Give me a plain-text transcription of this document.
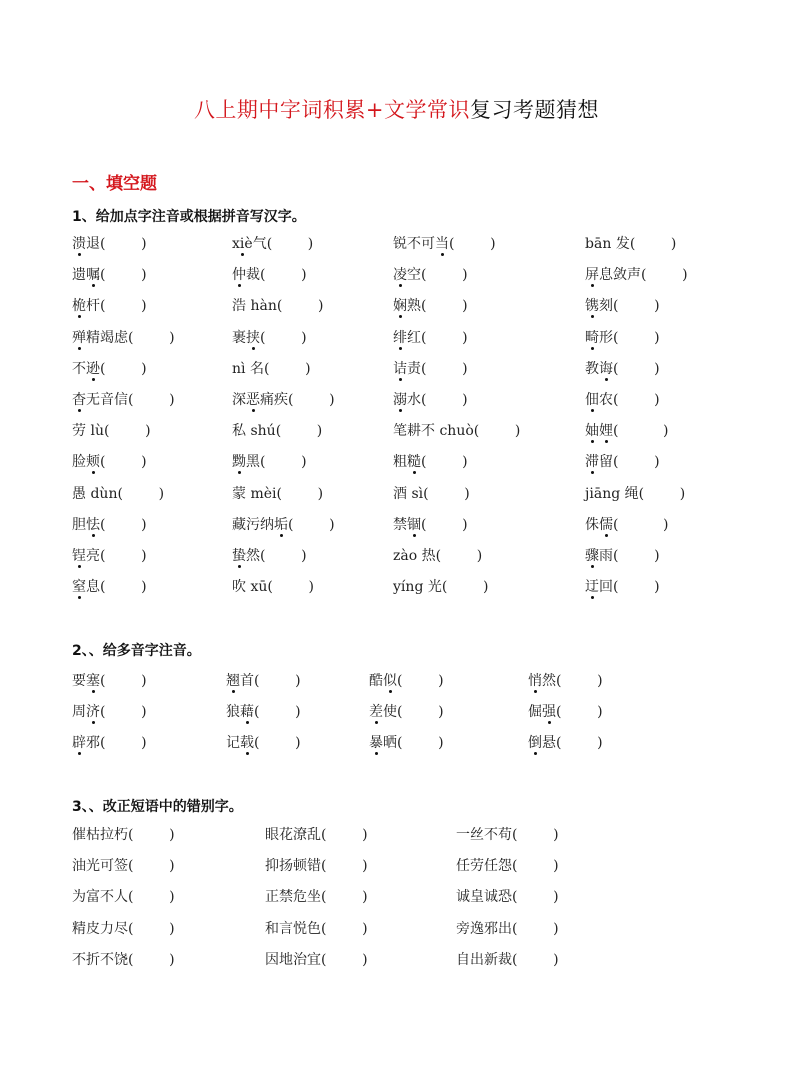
八上期中字词积累+文学常识复习考题猜想
一、填空题
1、给加点字注音或根据拼音写汉字。
溃退(	)	xiè气(	)	锐不可当(	)	bān 发(	)
遗嘱(	)	仲裁(	)	凌空(	)	屏息敛声(	)
桅杆(	)	浩 hàn(	)	娴熟(	)	镌刻(	)
殚精竭虑(	)	裹挟(	)	绯红(	)	畸形(	)
不逊(	)	nì 名(	)	诘责(	)	教诲(	)
杳无音信(	)	深恶痛疾(	)	溺水(	)	佃农(	)
劳 lù(	)	私 shú(	)	笔耕不 chuò(	)	妯娌(	)
脸颊(	)	黝黑(	)	粗糙(	)	滞留(	)
愚 dùn(	)	蒙 mèi(	)	酒 sì(	)	jiāng 绳(	)
胆怯(	)	藏污纳垢(	)	禁锢(	)	侏儒(	)
锃亮(	)	蛰然(	)	zào 热(	)	骤雨(	)
窒息(	)	吹 xū(	)	yíng 光(	)	迂回(	)
2、、给多音字注音。
要塞(	)	翘首(	)	酷似(	)	悄然(	)
周济(	)	狼藉(	)	差使(	)	倔强(	)
辟邪(	)	记载(	)	暴晒(	)	倒悬(	)
3、、改正短语中的错别字。
催枯拉朽(	)	眼花潦乱(	)	一丝不苟(	)
油光可签(	)	抑扬顿错(	)	任劳任怨(	)
为富不人(	)	正禁危坐(	)	诚皇诚恐(	)
精皮力尽(	)	和言悦色(	)	旁逸邪出(	)
不折不饶(	)	因地治宜(	)	自出新裁(	)
